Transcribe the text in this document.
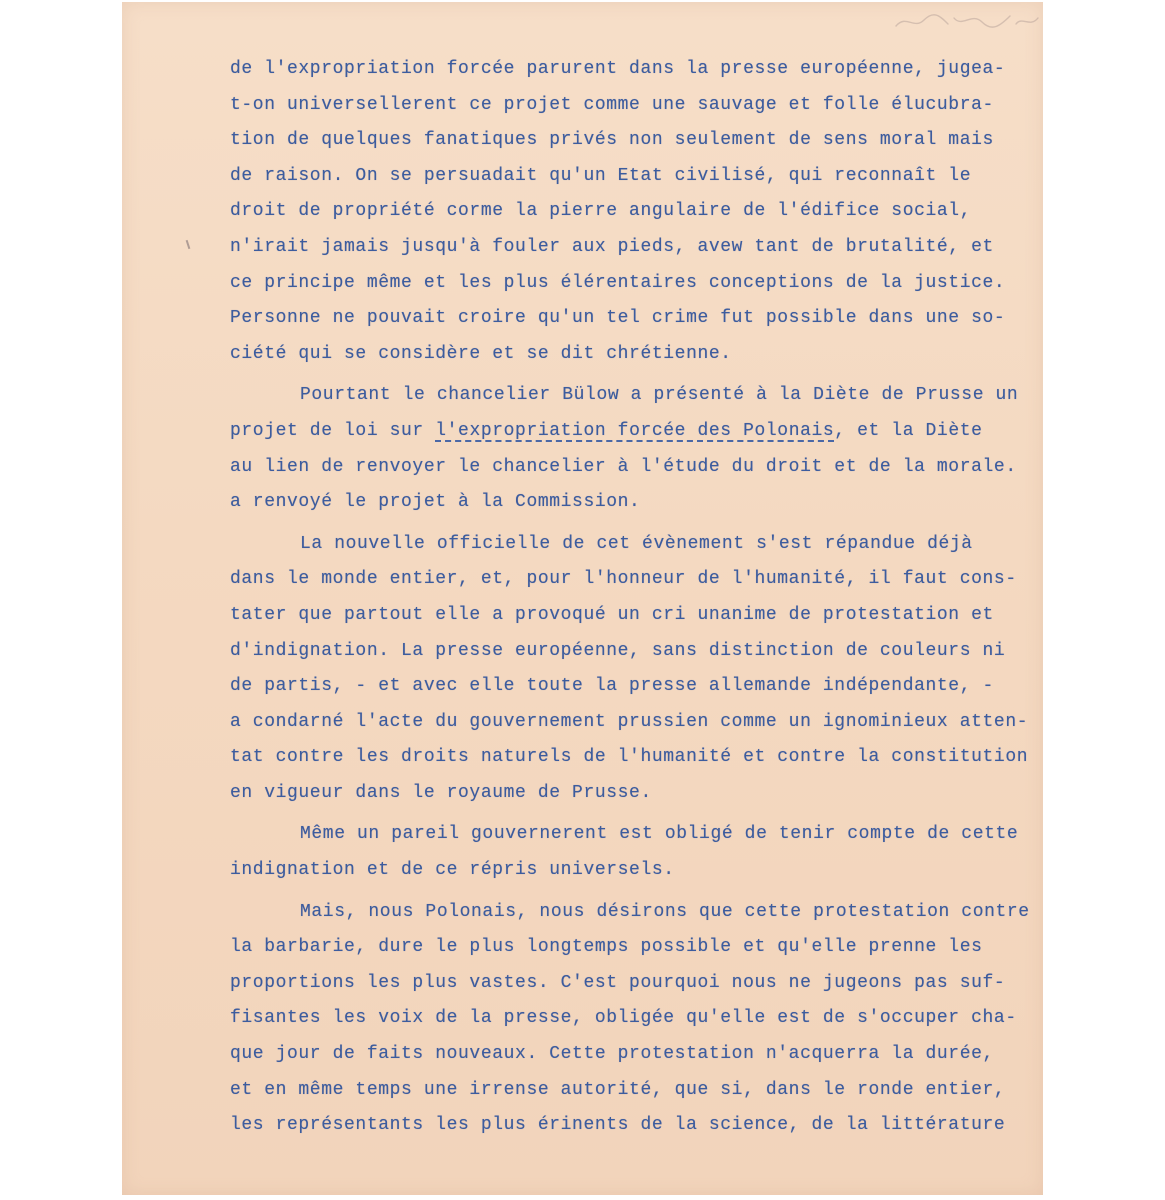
de l'expropriation forcée parurent dans la presse européenne, jugea-
t-on universellerent ce projet comme une sauvage et folle élucubra-
tion de quelques fanatiques privés non seulement de sens moral mais
de raison. On se persuadait qu'un Etat civilisé, qui reconnaît le
droit de propriété corme la pierre angulaire de l'édifice social,
n'irait jamais jusqu'à fouler aux pieds, avew tant de brutalité, et
ce principe même et les plus élérentaires conceptions de la justice.
Personne ne pouvait croire qu'un tel crime fut possible dans une so-
ciété qui se considère et se dit chrétienne.
Pourtant le chancelier Bülow a présenté à la Diète de Prusse un
projet de loi sur l'expropriation forcée des Polonais, et la Diète
au lien de renvoyer le chancelier à l'étude du droit et de la morale.
a renvoyé le projet à la Commission.
La nouvelle officielle de cet évènement s'est répandue déjà
dans le monde entier, et, pour l'honneur de l'humanité, il faut cons-
tater que partout elle a provoqué un cri unanime de protestation et
d'indignation. La presse européenne, sans distinction de couleurs ni
de partis, - et avec elle toute la presse allemande indépendante, -
a condarné l'acte du gouvernement prussien comme un ignominieux atten-
tat contre les droits naturels de l'humanité et contre la constitution
en vigueur dans le royaume de Prusse.
Même un pareil gouvernerent est obligé de tenir compte de cette
indignation et de ce répris universels.
Mais, nous Polonais, nous désirons que cette protestation contre
la barbarie, dure le plus longtemps possible et qu'elle prenne les
proportions les plus vastes. C'est pourquoi nous ne jugeons pas suf-
fisantes les voix de la presse, obligée qu'elle est de s'occuper cha-
que jour de faits nouveaux. Cette protestation n'acquerra la durée,
et en même temps une irrense autorité, que si, dans le ronde entier,
les représentants les plus érinents de la science, de la littérature
